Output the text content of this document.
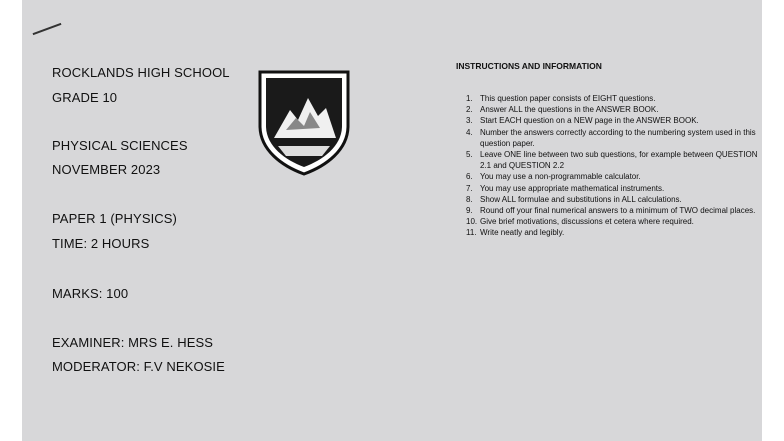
ROCKLANDS HIGH SCHOOL
GRADE 10
PHYSICAL SCIENCES
NOVEMBER 2023
PAPER 1 (PHYSICS)
TIME: 2 HOURS
MARKS: 100
EXAMINER: MRS E. HESS
MODERATOR: F.V NEKOSIE
INSTRUCTIONS AND INFORMATION
1. This question paper consists of EIGHT questions.
2. Answer ALL the questions in the ANSWER BOOK.
3. Start EACH question on a NEW page in the ANSWER BOOK.
4. Number the answers correctly according to the numbering system used in this question paper.
5. Leave ONE line between two sub questions, for example between QUESTION 2.1 and QUESTION 2.2
6. You may use a non-programmable calculator.
7. You may use appropriate mathematical instruments.
8. Show ALL formulae and substitutions in ALL calculations.
9. Round off your final numerical answers to a minimum of TWO decimal places.
10. Give brief motivations, discussions et cetera where required.
11. Write neatly and legibly.
